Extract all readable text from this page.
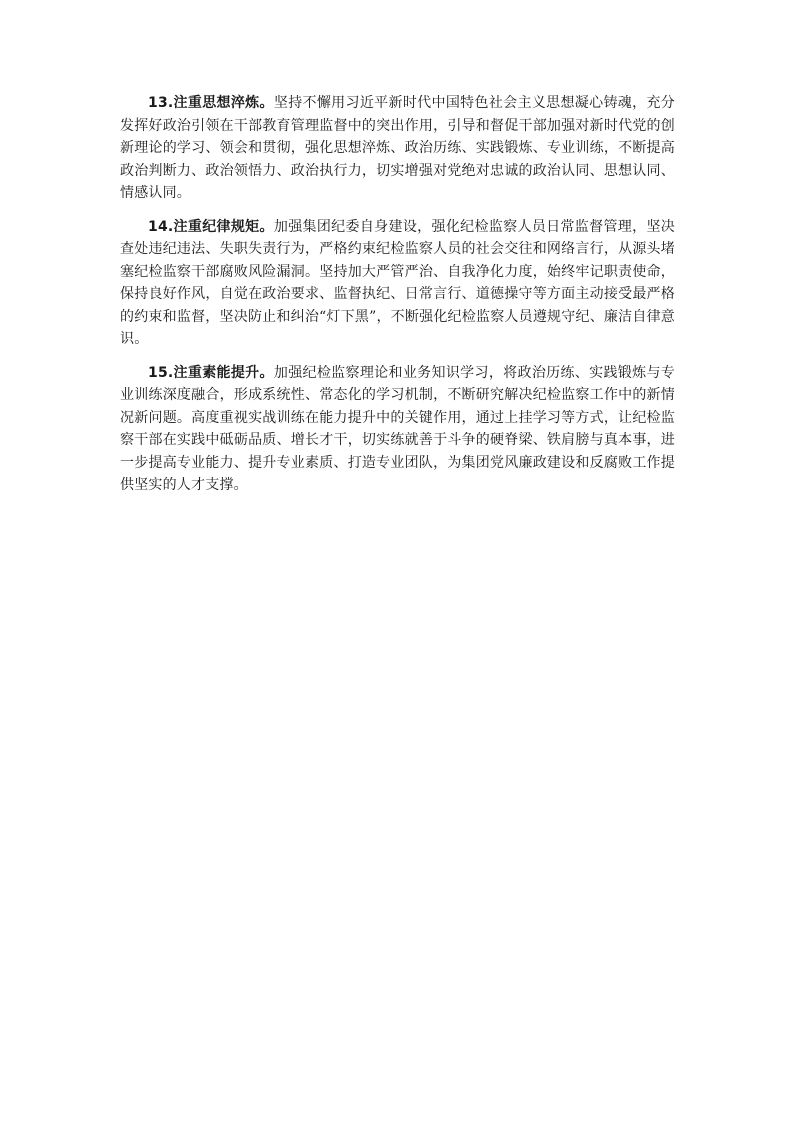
13.注重思想淬炼。坚持不懈用习近平新时代中国特色社会主义思想凝心铸魂，充分发挥好政治引领在干部教育管理监督中的突出作用，引导和督促干部加强对新时代党的创新理论的学习、领会和贯彻，强化思想淬炼、政治历练、实践锻炼、专业训练，不断提高政治判断力、政治领悟力、政治执行力，切实增强对党绝对忠诚的政治认同、思想认同、情感认同。

14.注重纪律规矩。加强集团纪委自身建设，强化纪检监察人员日常监督管理，坚决查处违纪违法、失职失责行为，严格约束纪检监察人员的社会交往和网络言行，从源头堵塞纪检监察干部腐败风险漏洞。坚持加大严管严治、自我净化力度，始终牢记职责使命，保持良好作风，自觉在政治要求、监督执纪、日常言行、道德操守等方面主动接受最严格的约束和监督，坚决防止和纠治“灯下黑”，不断强化纪检监察人员遵规守纪、廉洁自律意识。

15.注重素能提升。加强纪检监察理论和业务知识学习，将政治历练、实践锻炼与专业训练深度融合，形成系统性、常态化的学习机制，不断研究解决纪检监察工作中的新情况新问题。高度重视实战训练在能力提升中的关键作用，通过上挂学习等方式，让纪检监察干部在实践中砥砺品质、增长才干，切实练就善于斗争的硬脊梁、铁肩膀与真本事，进一步提高专业能力、提升专业素质、打造专业团队，为集团党风廉政建设和反腐败工作提供坚实的人才支撑。
